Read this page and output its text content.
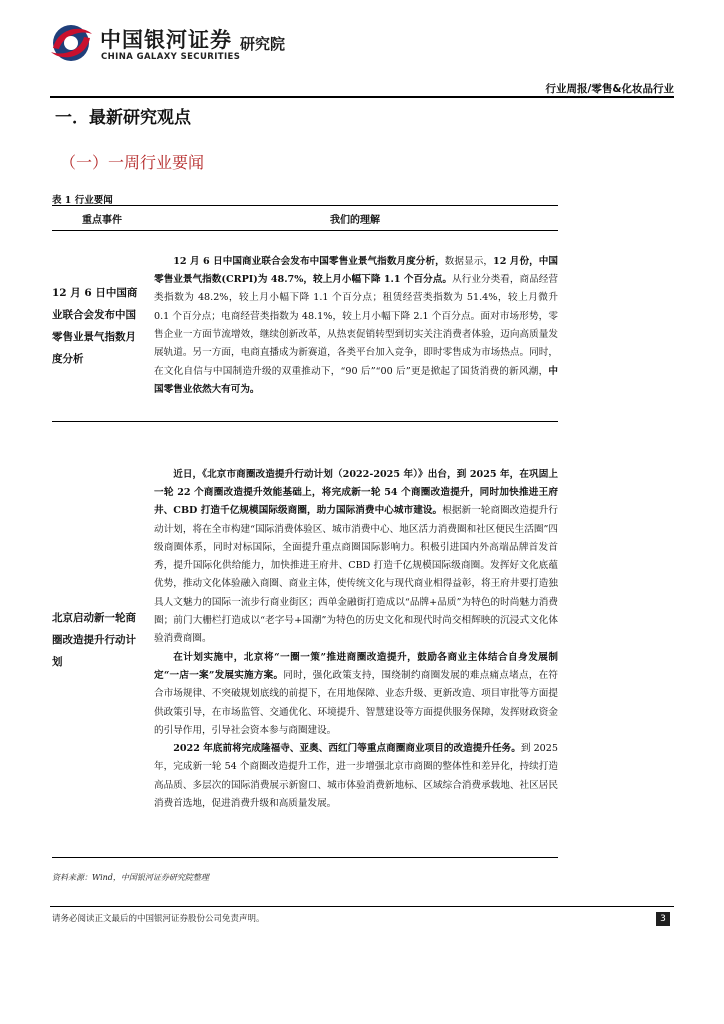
中国银河证券 研究院
CHINA GALAXY SECURITIES
行业周报/零售&化妆品行业
一．最新研究观点
（一）一周行业要闻
表 1 行业要闻
重点事件	我们的理解
12 月 6 日中国商业联合会发布中国零售业景气指数月度分析	12 月 6 日中国商业联合会发布中国零售业景气指数月度分析，数据显示，12 月份，中国零售业景气指数(CRPI)为 48.7%，较上月小幅下降 1.1 个百分点。从行业分类看，商品经营类指数为 48.2%，较上月小幅下降 1.1 个百分点；租赁经营类指数为 51.4%，较上月微升 0.1 个百分点；电商经营类指数为 48.1%，较上月小幅下降 2.1 个百分点。面对市场形势，零售企业一方面节流增效，继续创新改革，从热衷促销转型到切实关注消费者体验，迈向高质量发展轨道。另一方面，电商直播成为新赛道，各类平台加入竞争，即时零售成为市场热点。同时，在文化自信与中国制造升级的双重推动下，“90 后”“00 后”更是掀起了国货消费的新风潮，中国零售业依然大有可为。

北京启动新一轮商圈改造提升行动计划	近日，《北京市商圈改造提升行动计划（2022-2025 年）》出台，到 2025 年，在巩固上一轮 22 个商圈改造提升效能基础上，将完成新一轮 54 个商圈改造提升，同时加快推进王府井、CBD 打造千亿规模国际级商圈，助力国际消费中心城市建设。根据新一轮商圈改造提升行动计划，将在全市构建“国际消费体验区、城市消费中心、地区活力消费圈和社区便民生活圈”四级商圈体系，同时对标国际，全面提升重点商圈国际影响力。积极引进国内外高端品牌首发首秀，提升国际化供给能力，加快推进王府井、CBD 打造千亿规模国际级商圈。发挥好文化底蕴优势，推动文化体验融入商圈、商业主体，使传统文化与现代商业相得益彰，将王府井要打造独具人文魅力的国际一流步行商业街区；西单金融街打造成以“品牌+品质”为特色的时尚魅力消费圈；前门大栅栏打造成以“老字号+国潮”为特色的历史文化和现代时尚交相辉映的沉浸式文化体验消费商圈。

在计划实施中，北京将“一圈一策”推进商圈改造提升，鼓励各商业主体结合自身发展制定“一店一案”发展实施方案。同时，强化政策支持，围绕制约商圈发展的难点痛点堵点，在符合市场规律、不突破规划底线的前提下，在用地保障、业态升级、更新改造、项目审批等方面提供政策引导，在市场监管、交通优化、环境提升、智慧建设等方面提供服务保障，发挥财政资金的引导作用，引导社会资本参与商圈建设。

2022 年底前将完成隆福寺、亚奥、西红门等重点商圈商业项目的改造提升任务。到 2025 年，完成新一轮 54 个商圈改造提升工作，进一步增强北京市商圈的整体性和差异化，持续打造高品质、多层次的国际消费展示新窗口、城市体验消费新地标、区域综合消费承载地、社区居民消费首选地，促进消费升级和高质量发展。

资料来源：Wind，中国银河证券研究院整理
请务必阅读正文最后的中国银河证券股份公司免责声明。	3
